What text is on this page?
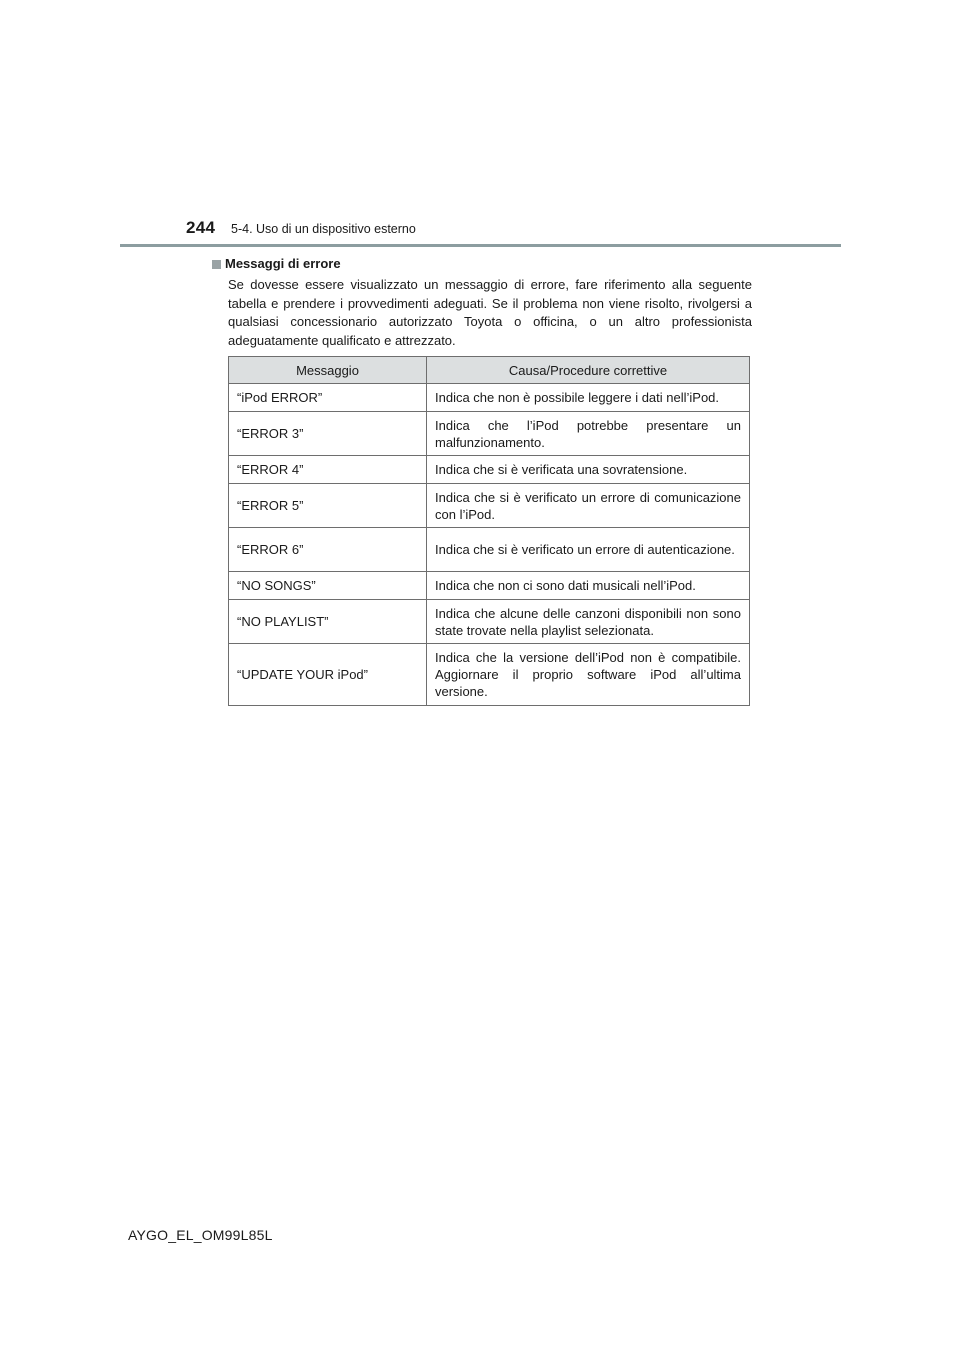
244 5-4. Uso di un dispositivo esterno
Messaggi di errore

Se dovesse essere visualizzato un messaggio di errore, fare riferimento alla seguente tabella e prendere i provvedimenti adeguati. Se il problema non viene risolto, rivolgersi a qualsiasi concessionario autorizzato Toyota o officina, o un altro professionista adeguatamente qualificato e attrezzato.

Messaggio	Causa/Procedure correttive
“iPod ERROR”	Indica che non è possibile leggere i dati nell’iPod.
“ERROR 3”	Indica che l’iPod potrebbe presentare un malfunzionamento.
“ERROR 4”	Indica che si è verificata una sovratensione.
“ERROR 5”	Indica che si è verificato un errore di comunicazione con l’iPod.
“ERROR 6”	Indica che si è verificato un errore di autenticazione.
“NO SONGS”	Indica che non ci sono dati musicali nell’iPod.
“NO PLAYLIST”	Indica che alcune delle canzoni disponibili non sono state trovate nella playlist selezionata.
“UPDATE YOUR iPod”	Indica che la versione dell’iPod non è compatibile. Aggiornare il proprio software iPod all’ultima versione.
AYGO_EL_OM99L85L
